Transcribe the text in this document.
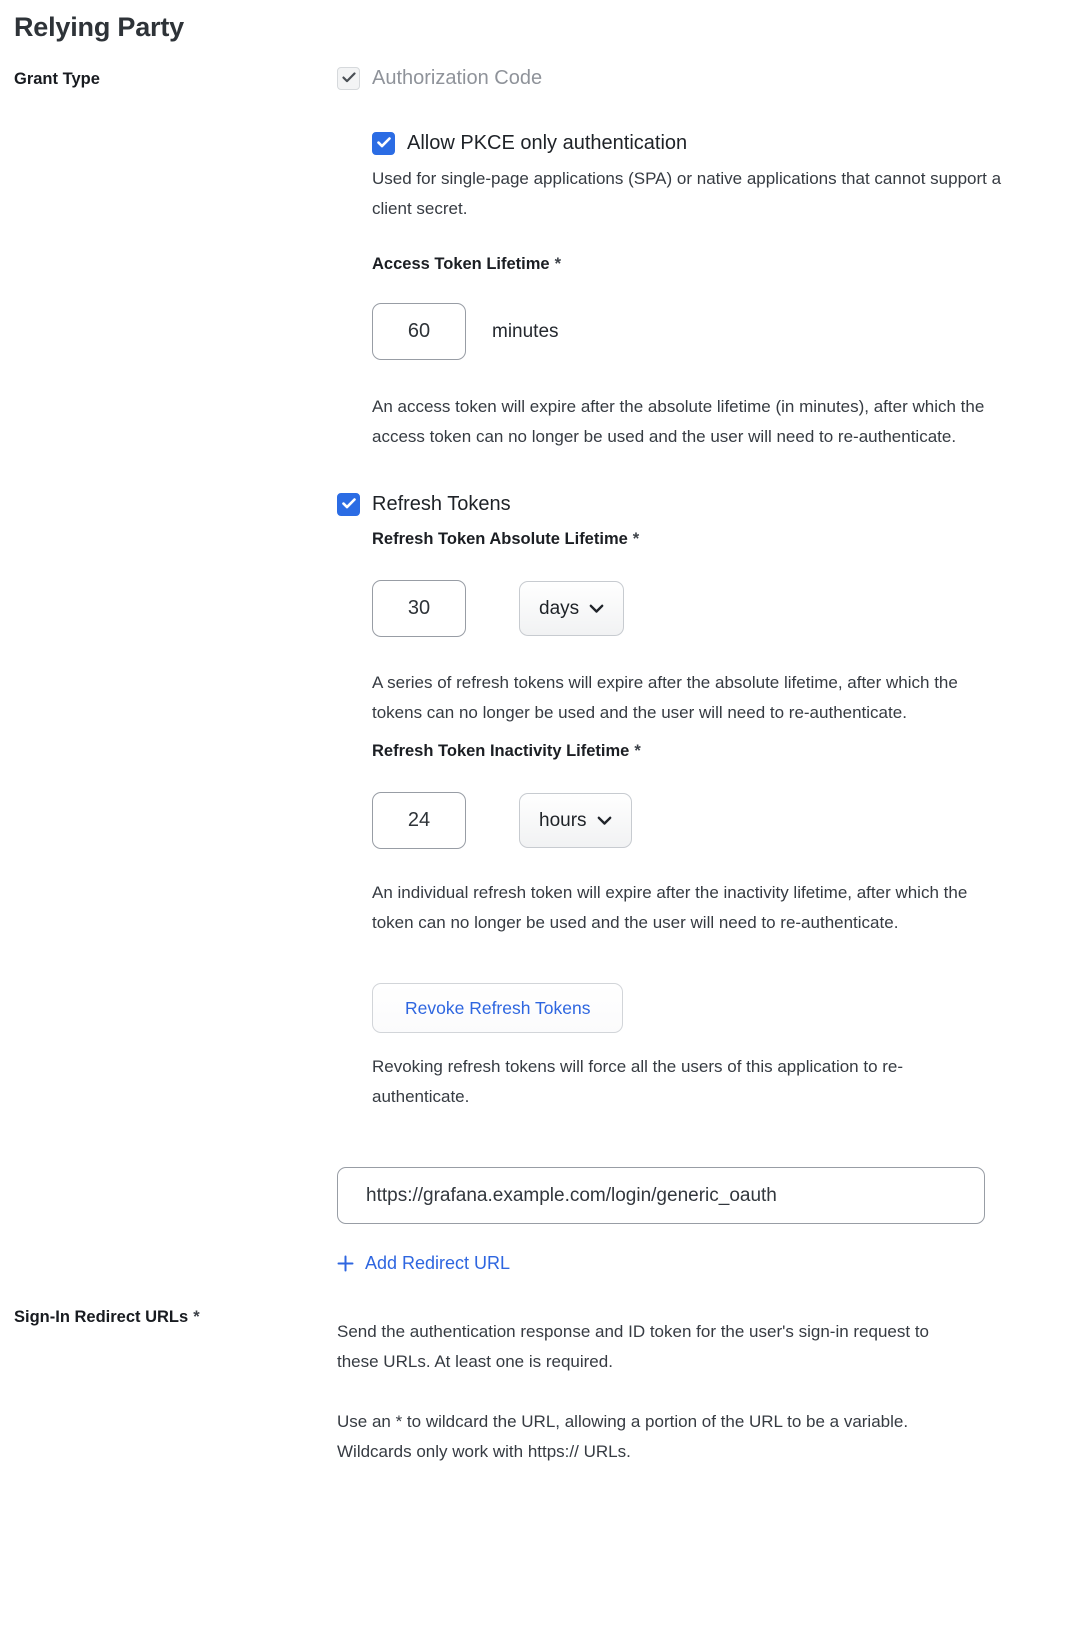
Relying Party
Grant Type	Authorization Code
Allow PKCE only authentication

Used for single-page applications (SPA) or native applications that cannot support a client secret.

Access Token Lifetime *
60
minutes

An access token will expire after the absolute lifetime (in minutes), after which the access token can no longer be used and the user will need to re-authenticate.

Refresh Tokens
Refresh Token Absolute Lifetime *
30
days

A series of refresh tokens will expire after the absolute lifetime, after which the tokens can no longer be used and the user will need to re-authenticate.

Refresh Token Inactivity Lifetime *
24
hours

An individual refresh token will expire after the inactivity lifetime, after which the token can no longer be used and the user will need to re-authenticate.

Revoke Refresh Tokens

Revoking refresh tokens will force all the users of this application to re-authenticate.

Sign-In Redirect URLs *
https://grafana.example.com/login/generic_oauth
Add Redirect URL

Send the authentication response and ID token for the user's sign-in request to these URLs. At least one is required.

Use an * to wildcard the URL, allowing a portion of the URL to be a variable. Wildcards only work with https:// URLs.
